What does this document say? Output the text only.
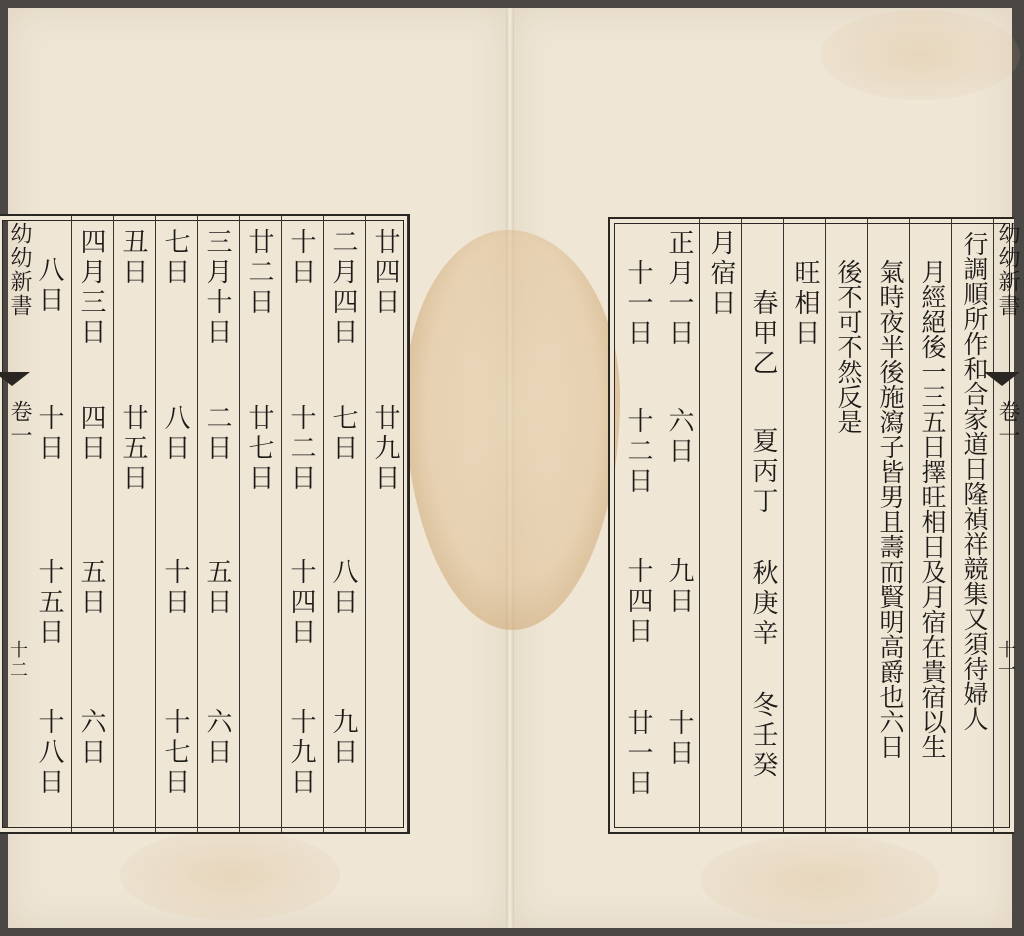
廿四日
廿九日
二月四日
七日
八日
九日
十日
十二日
十四日
十九日
廿二日
廿七日
三月十日
二日
五日
六日
七日
八日
十日
十七日
丑日
廿五日
四月三日
四日
五日
六日
八日
十日
十五日
十八日
幼幼新書
卷一
十二	行調順所作和合家道日隆禎祥競集又須待婦人
月經絕後一三五日擇旺相日及月宿在貴宿以生
氣時夜半後施瀉子皆男且壽而賢明高爵也六日
後不可不然反是
旺相日
春甲乙
夏丙丁
秋庚辛
冬壬癸
月宿日
正月一日
六日
九日
十日
十一日
十二日
十四日
廿一日
幼幼新書
卷一
十一
